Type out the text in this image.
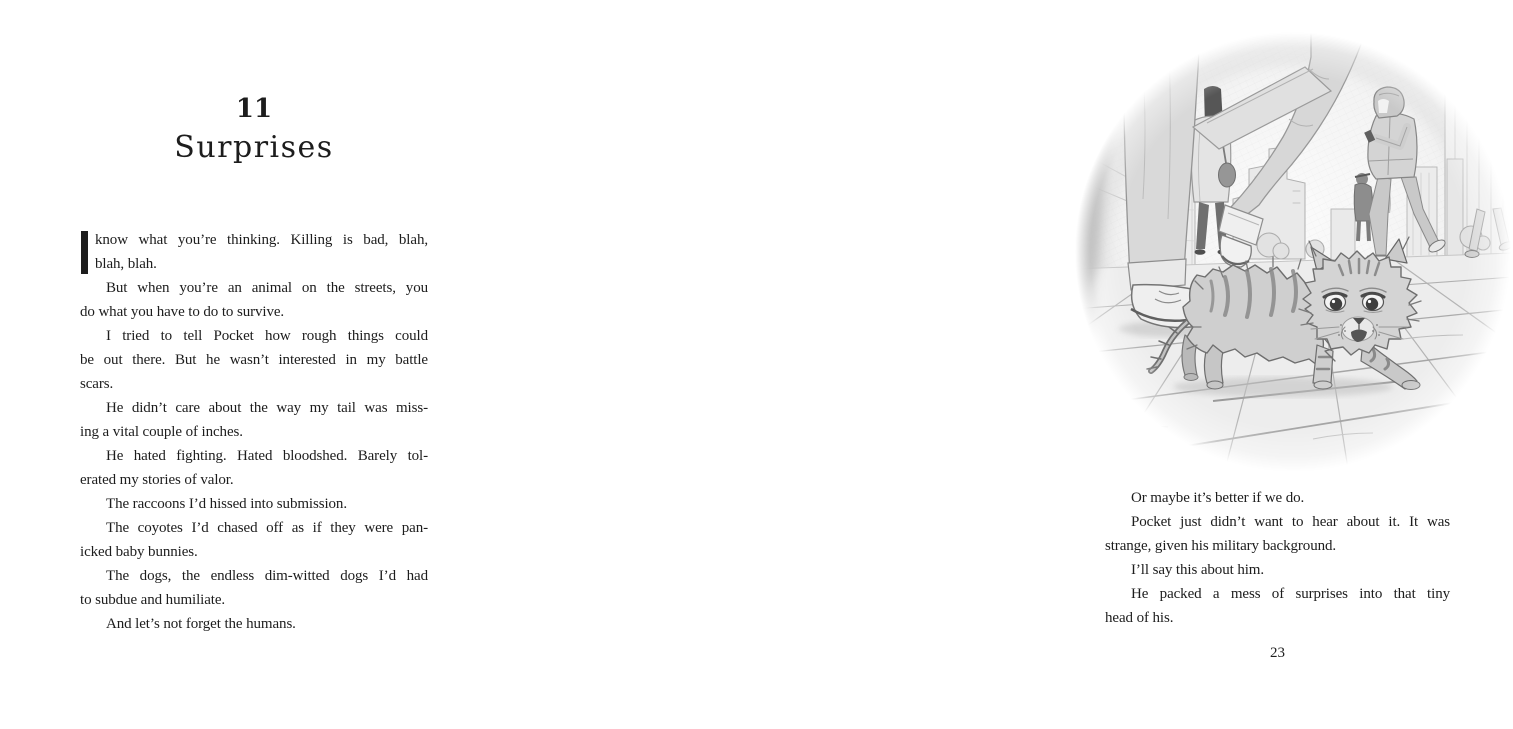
11
Surprises
know what you’re thinking. Killing is bad, blah,
blah, blah.
But when you’re an animal on the streets, you
do what you have to do to survive.
I tried to tell Pocket how rough things could
be out there. But he wasn’t interested in my battle
scars.
He didn’t care about the way my tail was miss-
ing a vital couple of inches.
He hated fighting. Hated bloodshed. Barely tol-
erated my stories of valor.
The raccoons I’d hissed into submission.
The coyotes I’d chased off as if they were pan-
icked baby bunnies.
The dogs, the endless dim-witted dogs I’d had
to subdue and humiliate.
And let’s not forget the humans.
Or maybe it’s better if we do.
Pocket just didn’t want to hear about it. It was
strange, given his military background.
I’ll say this about him.
He packed a mess of surprises into that tiny
head of his.
23
